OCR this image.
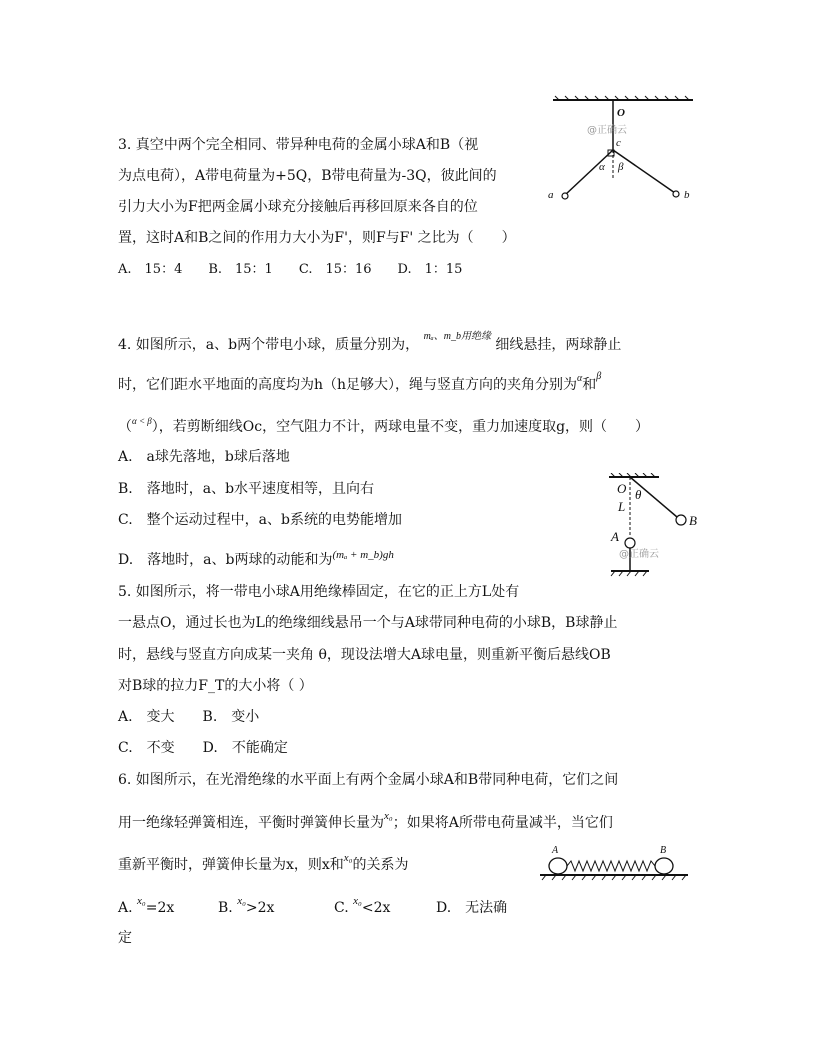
3. 真空中两个完全相同、带异种电荷的金属小球A和B（视
为点电荷），A带电荷量为+5Q，B带电荷量为-3Q，彼此间的
引力大小为F把两金属小球充分接触后再移回原来各自的位
置，这时A和B之间的作用力大小为F'，则F与F' 之比为（　　）
A.　15：4　　B.　15：1　　C.　15：16　　D.　1：15
O
@正确云
c
α β
a	b
4. 如图所示，a、b两个带电小球，质量分别为， $^{m_a、m\_b用绝缘}$ 细线悬挂，两球静止
时，它们距水平地面的高度均为h（h足够大），绳与竖直方向的夹角分别为$^\alpha$和$^\beta$
（$^{\alpha < \beta}$），若剪断细线Oc，空气阻力不计，两球电量不变，重力加速度取g，则（　　）
A.　a球先落地，b球后落地
B.　落地时，a、b水平速度相等，且向右
C.　整个运动过程中，a、b系统的电势能增加
D.　落地时，a、b两球的动能和为$^{(m_a + m\_b)gh}$
O θ
L
B
A
@正确云
5. 如图所示，将一带电小球A用绝缘棒固定，在它的正上方L处有
一悬点O，通过长也为L的绝缘细线悬吊一个与A球带同种电荷的小球B，B球静止
时，悬线与竖直方向成某一夹角 θ，现设法增大A球电量，则重新平衡后悬线OB
对B球的拉力F_T的大小将（ ）
A.　变大　　B.　变小
C.　不变　　D.　不能确定
6. 如图所示，在光滑绝缘的水平面上有两个金属小球A和B带同种电荷，它们之间
用一绝缘轻弹簧相连，平衡时弹簧伸长量为$^{x_0}$；如果将A所带电荷量减半，当它们
重新平衡时，弹簧伸长量为x，则x和$^{x_0}$的关系为
A. $^{x_0}$=2x	B. $^{x_0}$>2x	C. $^{x_0}$<2x	D.　无法确
定
A	B
